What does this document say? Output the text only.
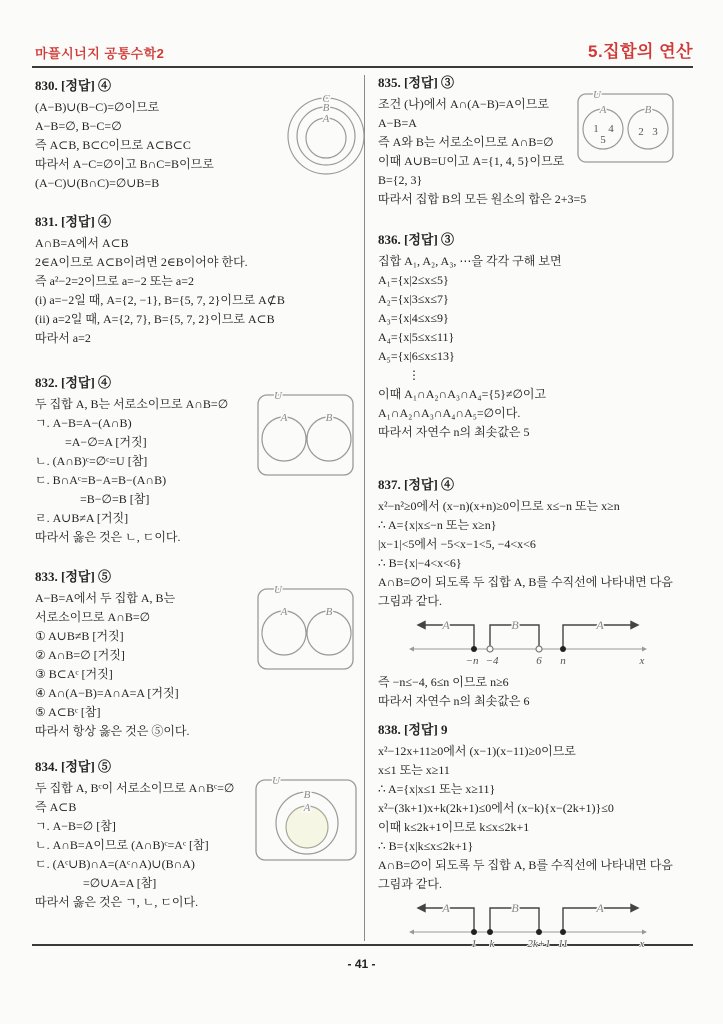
마플시너지 공통수학2	5.집합의 연산
- 41 -
830. [정답] ④
(A−B)∪(B−C)=∅이므로
A−B=∅, B−C=∅
즉 A⊂B, B⊂C이므로 A⊂B⊂C
따라서 A−C=∅이고 B∩C=B이므로
(A−C)∪(B∩C)=∅∪B=B
831. [정답] ④
A∩B=A에서 A⊂B
2∈A이므로 A⊂B이려면 2∈B이어야 한다.
즉 a²−2=2이므로 a=−2 또는 a=2
(i) a=−2일 때, A={2, −1}, B={5, 7, 2}이므로 A⊄B
(ii) a=2일 때, A={2, 7}, B={5, 7, 2}이므로 A⊂B
따라서 a=2
832. [정답] ④
두 집합 A, B는 서로소이므로 A∩B=∅
ㄱ. A−B=A−(A∩B)
=A−∅=A [거짓]
ㄴ. (A∩B)ᶜ=∅ᶜ=U [참]
ㄷ. B∩Aᶜ=B−A=B−(A∩B)
=B−∅=B [참]
ㄹ. A∪B≠A [거짓]
따라서 옳은 것은 ㄴ, ㄷ이다.
833. [정답] ⑤
A−B=A에서 두 집합 A, B는
서로소이므로 A∩B=∅
① A∪B≠B [거짓]
② A∩B=∅ [거짓]
③ B⊂Aᶜ [거짓]
④ A∩(A−B)=A∩A=A [거짓]
⑤ A⊂Bᶜ [참]
따라서 항상 옳은 것은 ⑤이다.
834. [정답] ⑤
두 집합 A, Bᶜ이 서로소이므로 A∩Bᶜ=∅
즉 A⊂B
ㄱ. A−B=∅ [참]
ㄴ. A∩B=A이므로 (A∩B)ᶜ=Aᶜ [참]
ㄷ. (Aᶜ∪B)∩A=(Aᶜ∩A)∪(B∩A)
=∅∪A=A [참]
따라서 옳은 것은 ㄱ, ㄴ, ㄷ이다.
835. [정답] ③
조건 (나)에서 A∩(A−B)=A이므로
A−B=A
즉 A와 B는 서로소이므로 A∩B=∅
이때 A∪B=U이고 A={1, 4, 5}이므로
B={2, 3}
따라서 집합 B의 모든 원소의 합은 2+3=5
836. [정답] ③
집합 A₁, A₂, A₃, ⋯을 각각 구해 보면
A₁={x|2≤x≤5}
A₂={x|3≤x≤7}
A₃={x|4≤x≤9}
A₄={x|5≤x≤11}
A₅={x|6≤x≤13}
⋮
이때 A₁∩A₂∩A₃∩A₄={5}≠∅이고
A₁∩A₂∩A₃∩A₄∩A₅=∅이다.
따라서 자연수 n의 최솟값은 5
837. [정답] ④
x²−n²≥0에서 (x−n)(x+n)≥0이므로 x≤−n 또는 x≥n
∴ A={x|x≤−n 또는 x≥n}
|x−1|<5에서 −5<x−1<5, −4<x<6
∴ B={x|−4<x<6}
A∩B=∅이 되도록 두 집합 A, B를 수직선에 나타내면 다음
그림과 같다.
A	B	A
−n −4	6 n	x
즉 −n≤−4, 6≤n 이므로 n≥6
따라서 자연수 n의 최솟값은 6
838. [정답] 9
x²−12x+11≥0에서 (x−1)(x−11)≥0이므로
x≤1 또는 x≥11
∴ A={x|x≤1 또는 x≥11}
x²−(3k+1)x+k(2k+1)≤0에서 (x−k){x−(2k+1)}≤0
이때 k≤2k+1이므로 k≤x≤2k+1
∴ B={x|k≤x≤2k+1}
A∩B=∅이 되도록 두 집합 A, B를 수직선에 나타내면 다음
그림과 같다.
A	B	A
1 k	2k+1 11	x
C
B
A
U
A	B
U
A	B
U
B
A
U
A	B
1 4
5
2 3
